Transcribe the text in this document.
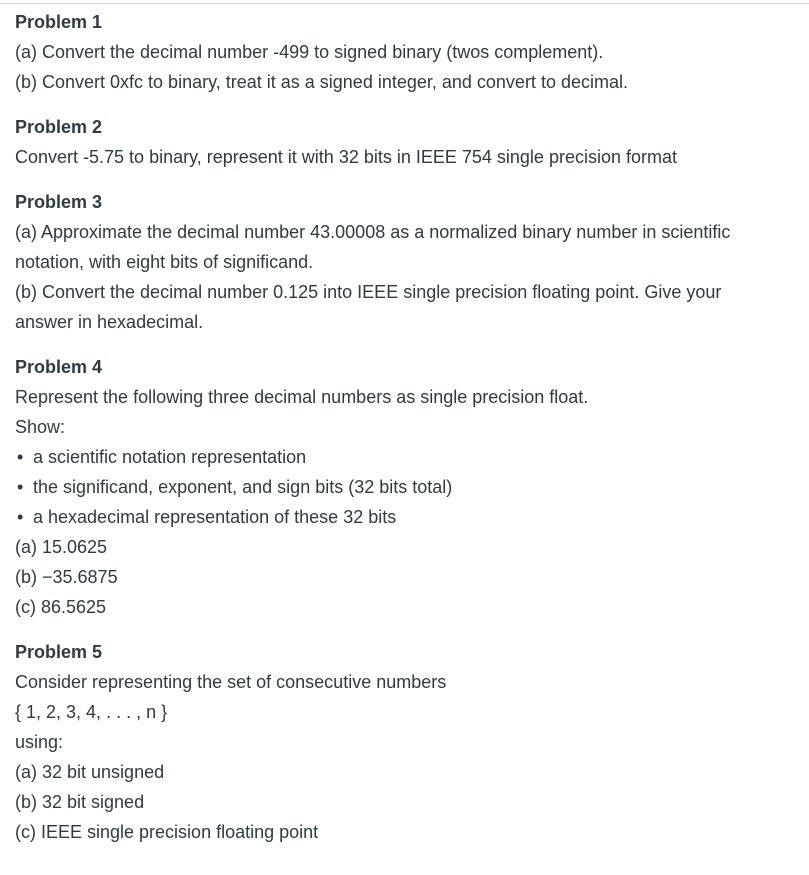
Problem 1

(a) Convert the decimal number -499 to signed binary (twos complement).

(b) Convert 0xfc to binary, treat it as a signed integer, and convert to decimal.

Problem 2

Convert -5.75 to binary, represent it with 32 bits in IEEE 754 single precision format

Problem 3

(a) Approximate the decimal number 43.00008 as a normalized binary number in scientific

notation, with eight bits of significand.

(b) Convert the decimal number 0.125 into IEEE single precision floating point. Give your

answer in hexadecimal.

Problem 4

Represent the following three decimal numbers as single precision float.

Show:

• a scientific notation representation
• the significand, exponent, and sign bits (32 bits total)
• a hexadecimal representation of these 32 bits

(a) 15.0625

(b) −35.6875

(c) 86.5625

Problem 5

Consider representing the set of consecutive numbers

{ 1, 2, 3, 4, . . . , n }

using:

(a) 32 bit unsigned

(b) 32 bit signed

(c) IEEE single precision floating point
